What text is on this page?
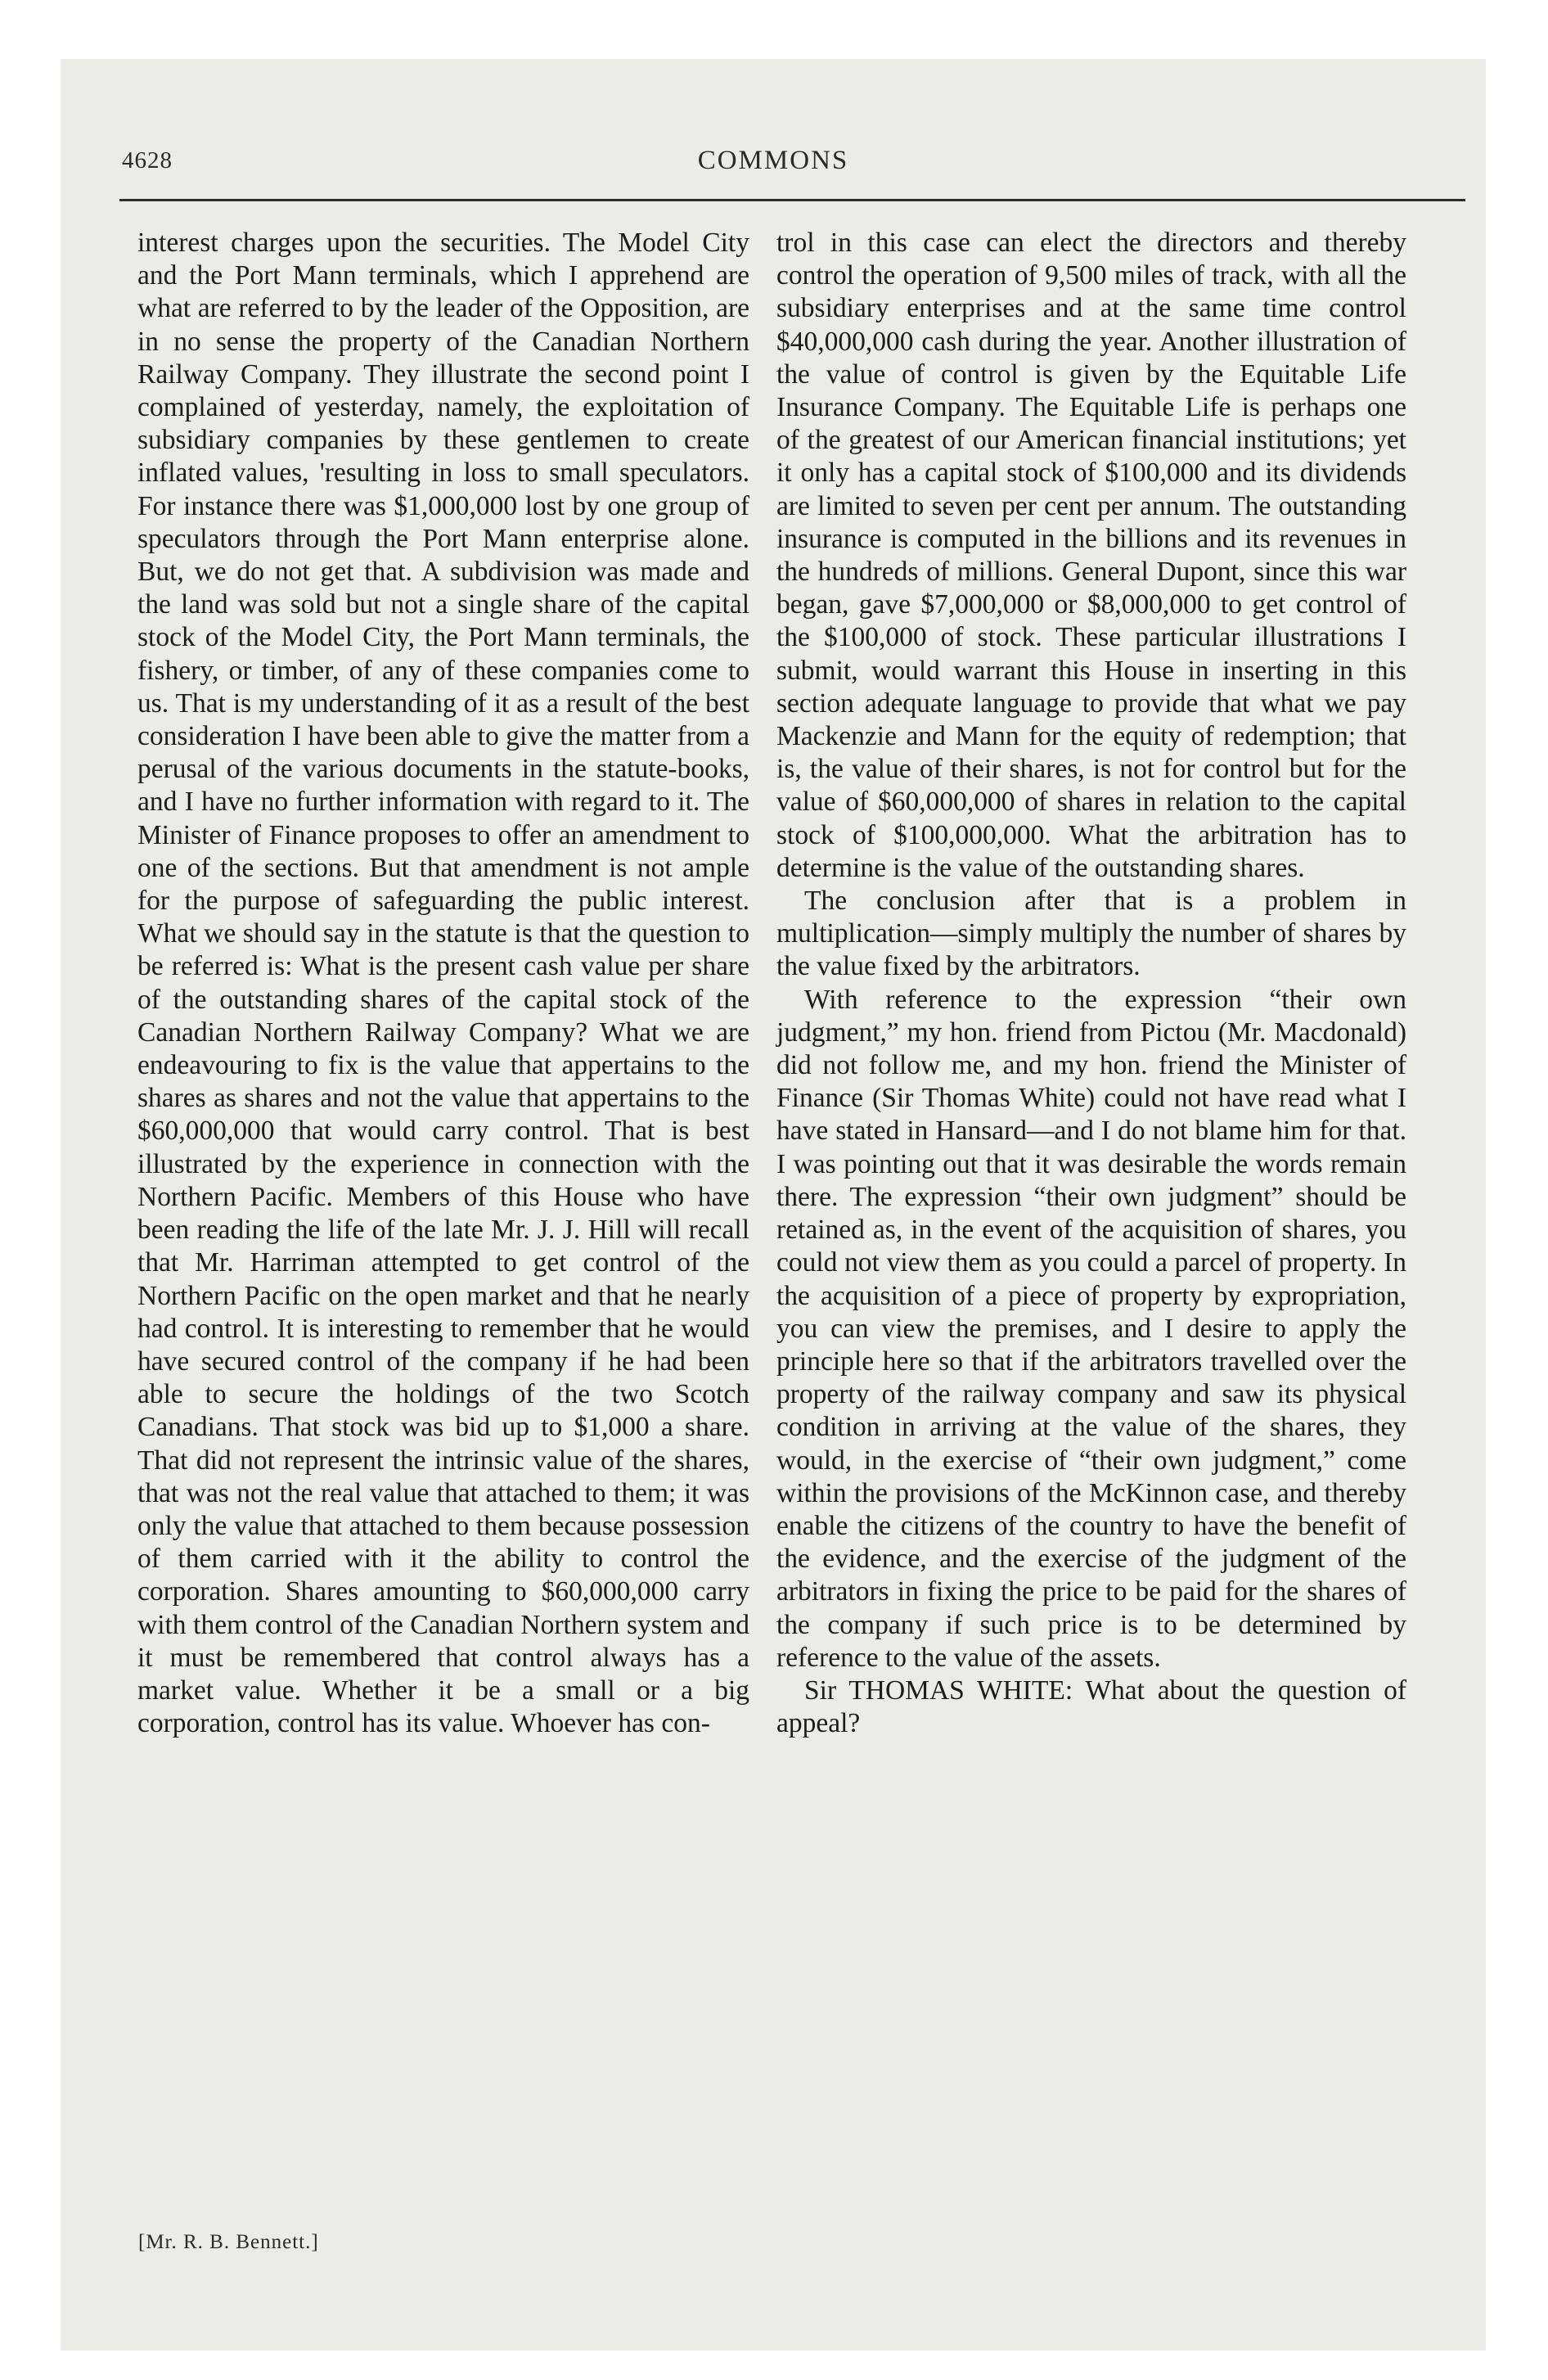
4628	COMMONS

interest charges upon the securities. The Model City and the Port Mann terminals, which I apprehend are what are referred to by the leader of the Opposition, are in no sense the property of the Canadian Northern Railway Company. They illustrate the second point I complained of yesterday, namely, the exploitation of subsidiary companies by these gentlemen to create inflated values, 'resulting in loss to small speculators. For instance there was $1,000,000 lost by one group of speculators through the Port Mann enterprise alone. But, we do not get that. A subdivision was made and the land was sold but not a single share of the capital stock of the Model City, the Port Mann terminals, the fishery, or timber, of any of these companies come to us. That is my understanding of it as a result of the best consideration I have been able to give the matter from a perusal of the various documents in the statute-books, and I have no further information with regard to it. The Minister of Finance proposes to offer an amendment to one of the sections. But that amendment is not ample for the purpose of safeguarding the public interest. What we should say in the statute is that the question to be referred is: What is the present cash value per share of the outstanding shares of the capital stock of the Canadian Northern Railway Company? What we are endeavouring to fix is the value that appertains to the shares as shares and not the value that appertains to the $60,000,000 that would carry control. That is best illustrated by the experience in connection with the Northern Pacific. Members of this House who have been reading the life of the late Mr. J. J. Hill will recall that Mr. Harriman attempted to get control of the Northern Pacific on the open market and that he nearly had control. It is interesting to remember that he would have secured control of the company if he had been able to secure the holdings of the two Scotch Canadians. That stock was bid up to $1,000 a share. That did not represent the intrinsic value of the shares, that was not the real value that attached to them; it was only the value that attached to them because possession of them carried with it the ability to control the corporation. Shares amounting to $60,000,000 carry with them control of the Canadian Northern system and it must be remembered that control always has a market value. Whether it be a small or a big corporation, control has its value. Whoever has con-

trol in this case can elect the directors and thereby control the operation of 9,500 miles of track, with all the subsidiary enterprises and at the same time control $40,000,000 cash during the year. Another illustration of the value of control is given by the Equitable Life Insurance Company. The Equitable Life is perhaps one of the greatest of our American financial institutions; yet it only has a capital stock of $100,000 and its dividends are limited to seven per cent per annum. The outstanding insurance is computed in the billions and its revenues in the hundreds of millions. General Dupont, since this war began, gave $7,000,000 or $8,000,000 to get control of the $100,000 of stock. These particular illustrations I submit, would warrant this House in inserting in this section adequate language to provide that what we pay Mackenzie and Mann for the equity of redemption; that is, the value of their shares, is not for control but for the value of $60,000,000 of shares in relation to the capital stock of $100,000,000. What the arbitration has to determine is the value of the outstanding shares.

The conclusion after that is a problem in multiplication—simply multiply the number of shares by the value fixed by the arbitrators.

With reference to the expression “their own judgment,” my hon. friend from Pictou (Mr. Macdonald) did not follow me, and my hon. friend the Minister of Finance (Sir Thomas White) could not have read what I have stated in Hansard—and I do not blame him for that. I was pointing out that it was desirable the words remain there. The expression “their own judgment” should be retained as, in the event of the acquisition of shares, you could not view them as you could a parcel of property. In the acquisition of a piece of property by expropriation, you can view the premises, and I desire to apply the principle here so that if the arbitrators travelled over the property of the railway company and saw its physical condition in arriving at the value of the shares, they would, in the exercise of “their own judgment,” come within the provisions of the McKinnon case, and thereby enable the citizens of the country to have the benefit of the evidence, and the exercise of the judgment of the arbitrators in fixing the price to be paid for the shares of the company if such price is to be determined by reference to the value of the assets.

Sir THOMAS WHITE: What about the question of appeal?

[Mr. R. B. Bennett.]
